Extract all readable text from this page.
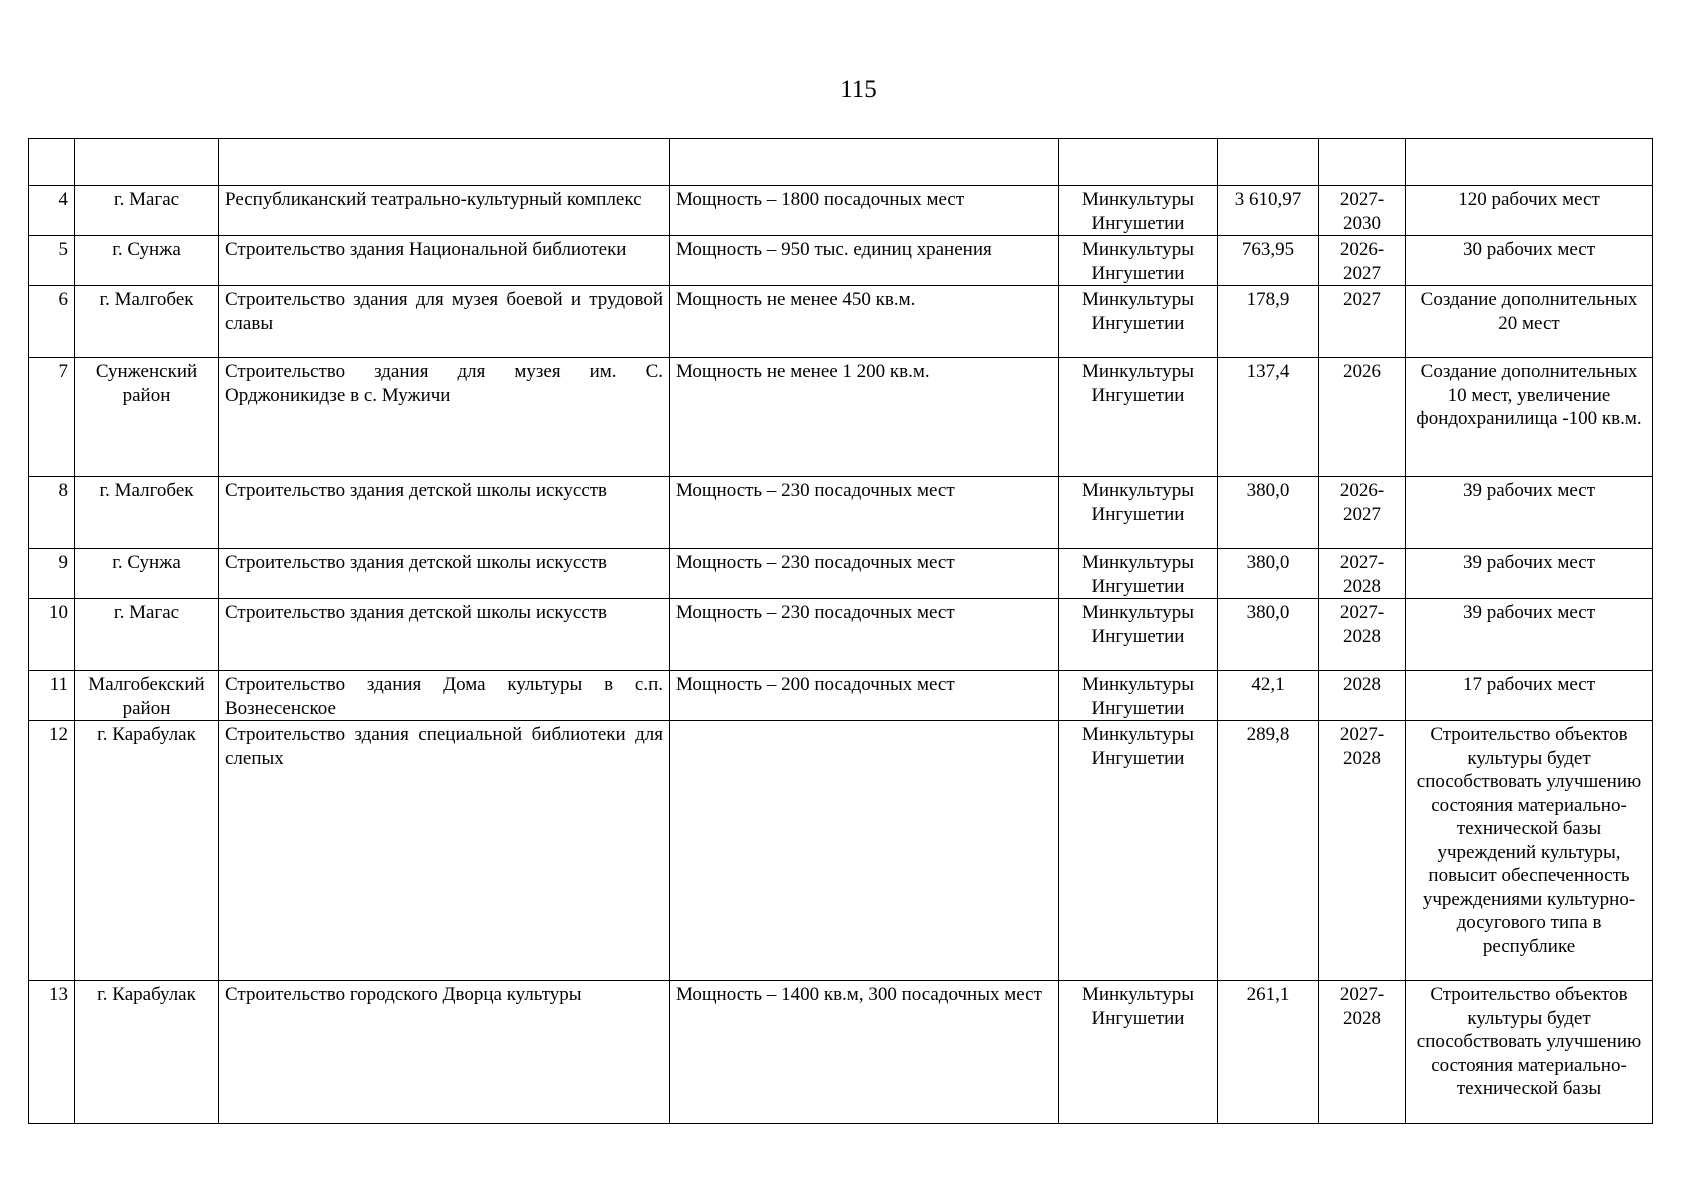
115

4	г. Магас	Республиканский театрально-культурный комплекс	Мощность – 1800 посадочных мест	Минкультуры Ингушетии	3 610,97	2027-2030	120 рабочих мест
5	г. Сунжа	Строительство здания Национальной библиотеки	Мощность – 950 тыс. единиц хранения	Минкультуры Ингушетии	763,95	2026-2027	30 рабочих мест
6	г. Малгобек	Строительство здания для музея боевой и трудовой славы	Мощность не менее 450 кв.м.	Минкультуры Ингушетии	178,9	2027	Создание дополнительных 20 мест
7	Сунженский район	Строительство здания для музея им. С. Орджоникидзе в с. Мужичи	Мощность не менее 1 200 кв.м.	Минкультуры Ингушетии	137,4	2026	Создание дополнительных 10 мест, увеличение фондохранилища -100 кв.м.
8	г. Малгобек	Строительство здания детской школы искусств	Мощность – 230 посадочных мест	Минкультуры Ингушетии	380,0	2026-2027	39 рабочих мест
9	г. Сунжа	Строительство здания детской школы искусств	Мощность – 230 посадочных мест	Минкультуры Ингушетии	380,0	2027-2028	39 рабочих мест
10	г. Магас	Строительство здания детской школы искусств	Мощность – 230 посадочных мест	Минкультуры Ингушетии	380,0	2027-2028	39 рабочих мест
11	Малгобекский район	Строительство здания Дома культуры в с.п. Вознесенское	Мощность – 200 посадочных мест	Минкультуры Ингушетии	42,1	2028	17 рабочих мест
12	г. Карабулак	Строительство здания специальной библиотеки для слепых		Минкультуры Ингушетии	289,8	2027-2028	Строительство объектов культуры будет способствовать улучшению состояния материально-технической базы учреждений культуры, повысит обеспеченность учреждениями культурно-досугового типа в республике
13	г. Карабулак	Строительство городского Дворца культуры	Мощность – 1400 кв.м, 300 посадочных мест	Минкультуры Ингушетии	261,1	2027-2028	Строительство объектов культуры будет способствовать улучшению состояния материально-технической базы
